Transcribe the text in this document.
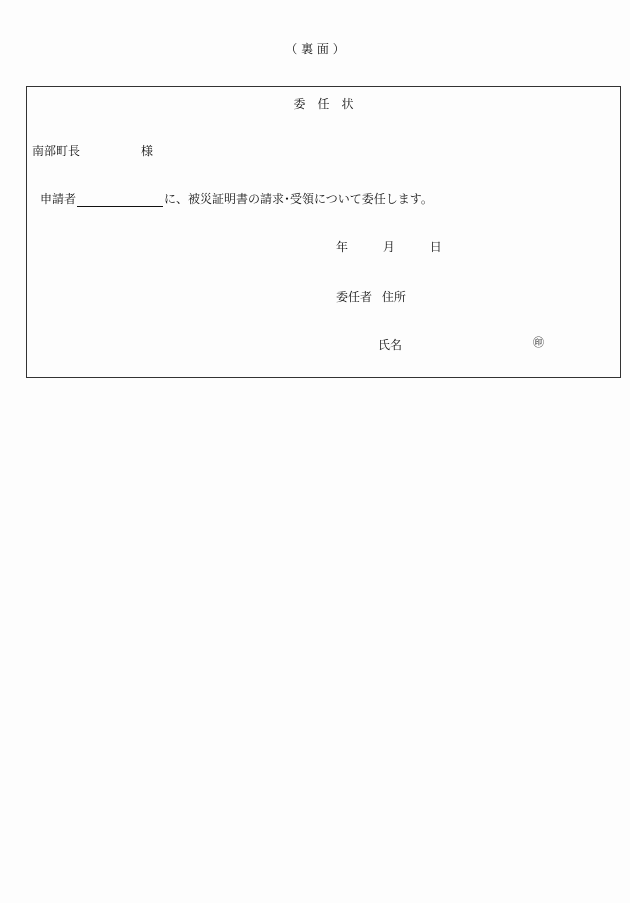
（ 裏 面 ）
委　任　状
南部町長	様
申請者	に、被災証明書の請求･受領について委任します。
年	月	日
委任者 住所
氏名	㊞
